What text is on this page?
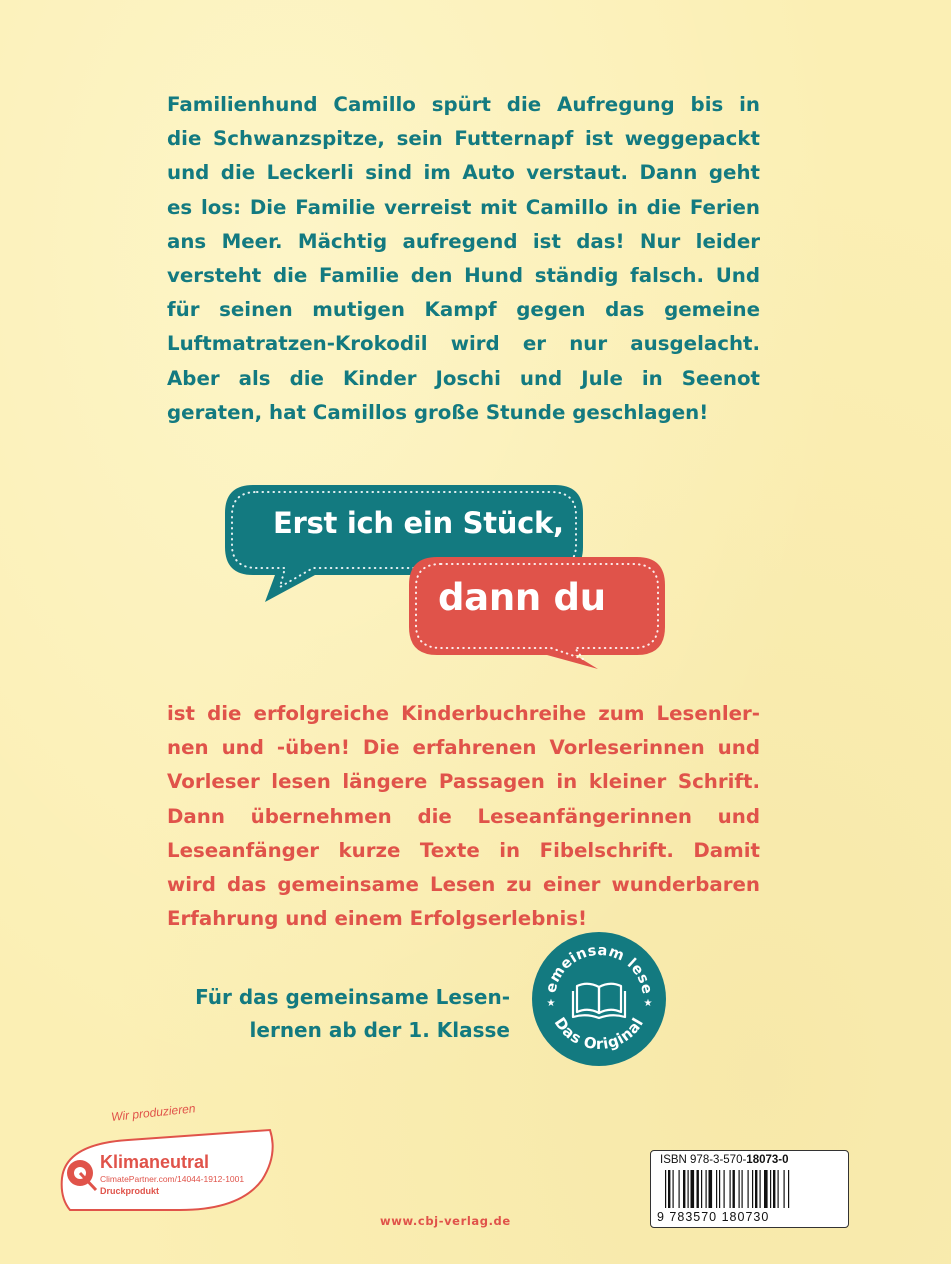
Familienhund Camillo spürt die Aufregung bis in
die Schwanzspitze, sein Futternapf ist weggepackt
und die Leckerli sind im Auto verstaut. Dann geht
es los: Die Familie verreist mit Camillo in die Ferien
ans Meer. Mächtig aufregend ist das! Nur leider
versteht die Familie den Hund ständig falsch. Und
für seinen mutigen Kampf gegen das gemeine
Luftmatratzen-Krokodil wird er nur ausgelacht.
Aber als die Kinder Joschi und Jule in Seenot
geraten, hat Camillos große Stunde geschlagen!

Erst ich ein Stück,
dann du

ist die erfolgreiche Kinderbuchreihe zum Lesenler-
nen und -üben! Die erfahrenen Vorleserinnen und
Vorleser lesen längere Passagen in kleiner Schrift.
Dann übernehmen die Leseanfängerinnen und
Leseanfänger kurze Texte in Fibelschrift. Damit
wird das gemeinsame Lesen zu einer wunderbaren
Erfahrung und einem Erfolgserlebnis!

Für das gemeinsame Lesen-
lernen ab der 1. Klasse

emeinsam lese
Das Original
★	★
Wir produzieren
Klimaneutral
ClimatePartner.com/14044-1912-1001
Druckprodukt
www.cbj-verlag.de
ISBN 978-3-570-18073-0
9 783570 180730
